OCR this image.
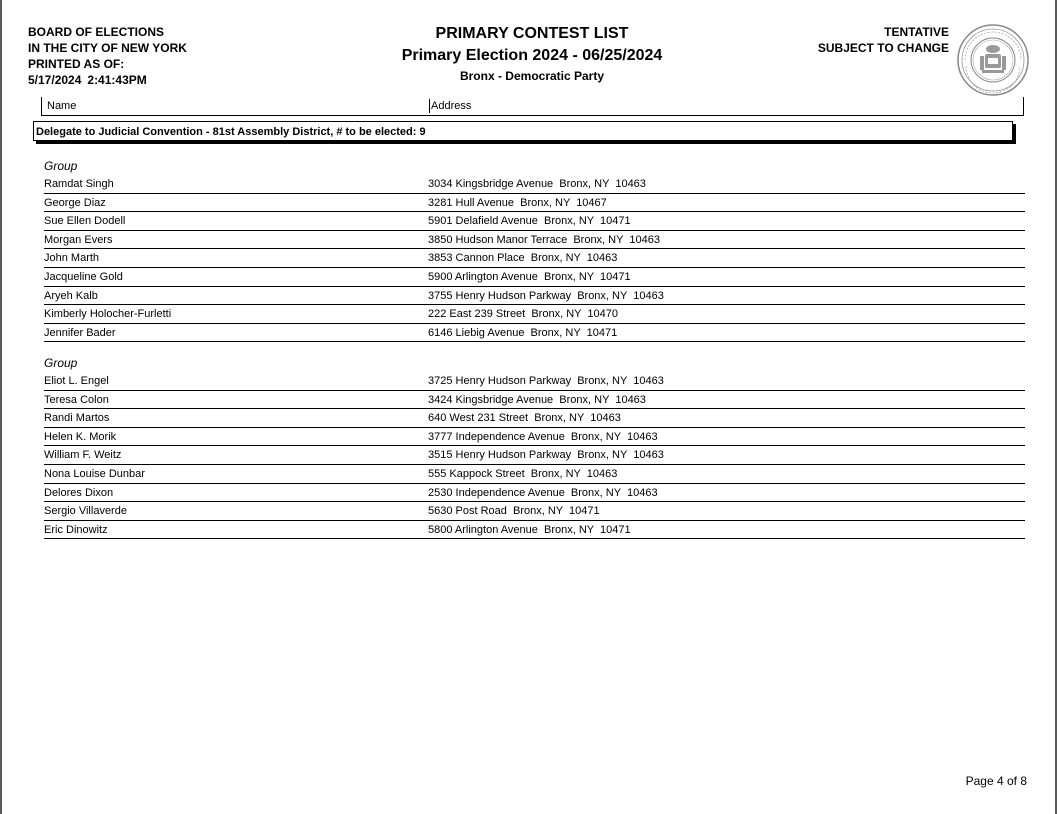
BOARD OF ELECTIONS
IN THE CITY OF NEW YORK
PRINTED AS OF:
5/17/2024 2:41:43PM
PRIMARY CONTEST LIST
Primary Election 2024 - 06/25/2024
Bronx - Democratic Party
TENTATIVE
SUBJECT TO CHANGE
Name	Address
Delegate to Judicial Convention - 81st Assembly District, # to be elected: 9
Group
Ramdat Singh	3034 Kingsbridge Avenue  Bronx, NY  10463
George Diaz	3281 Hull Avenue  Bronx, NY  10467
Sue Ellen Dodell	5901 Delafield Avenue  Bronx, NY  10471
Morgan Evers	3850 Hudson Manor Terrace  Bronx, NY  10463
John Marth	3853 Cannon Place  Bronx, NY  10463
Jacqueline Gold	5900 Arlington Avenue  Bronx, NY  10471
Aryeh Kalb	3755 Henry Hudson Parkway  Bronx, NY  10463
Kimberly Holocher-Furletti	222 East 239 Street  Bronx, NY  10470
Jennifer Bader	6146 Liebig Avenue  Bronx, NY  10471
Group
Eliot L. Engel	3725 Henry Hudson Parkway  Bronx, NY  10463
Teresa Colon	3424 Kingsbridge Avenue  Bronx, NY  10463
Randi Martos	640 West 231 Street  Bronx, NY  10463
Helen K. Morik	3777 Independence Avenue  Bronx, NY  10463
William F. Weitz	3515 Henry Hudson Parkway  Bronx, NY  10463
Nona Louise Dunbar	555 Kappock Street  Bronx, NY  10463
Delores Dixon	2530 Independence Avenue  Bronx, NY  10463
Sergio Villaverde	5630 Post Road  Bronx, NY  10471
Eric Dinowitz	5800 Arlington Avenue  Bronx, NY  10471
Page 4 of 8
